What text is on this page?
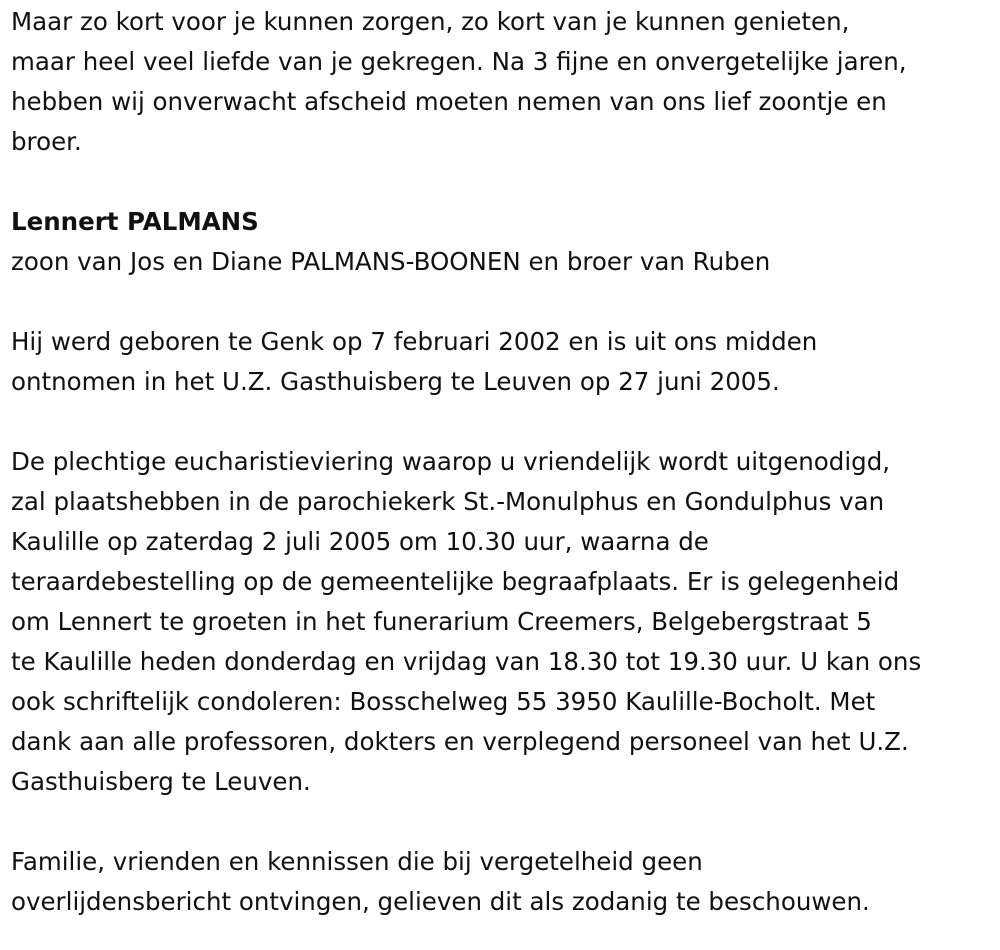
Maar zo kort voor je kunnen zorgen, zo kort van je kunnen genieten,
maar heel veel liefde van je gekregen. Na 3 fijne en onvergetelijke jaren,
hebben wij onverwacht afscheid moeten nemen van ons lief zoontje en
broer.

Lennert PALMANS

zoon van Jos en Diane PALMANS-BOONEN en broer van Ruben

Hij werd geboren te Genk op 7 februari 2002 en is uit ons midden
ontnomen in het U.Z. Gasthuisberg te Leuven op 27 juni 2005.

De plechtige eucharistieviering waarop u vriendelijk wordt uitgenodigd,
zal plaatshebben in de parochiekerk St.-Monulphus en Gondulphus van
Kaulille op zaterdag 2 juli 2005 om 10.30 uur, waarna de
teraardebestelling op de gemeentelijke begraafplaats. Er is gelegenheid
om Lennert te groeten in het funerarium Creemers, Belgebergstraat 5
te Kaulille heden donderdag en vrijdag van 18.30 tot 19.30 uur. U kan ons
ook schriftelijk condoleren: Bosschelweg 55 3950 Kaulille-Bocholt. Met
dank aan alle professoren, dokters en verplegend personeel van het U.Z.
Gasthuisberg te Leuven.

Familie, vrienden en kennissen die bij vergetelheid geen
overlijdensbericht ontvingen, gelieven dit als zodanig te beschouwen.
